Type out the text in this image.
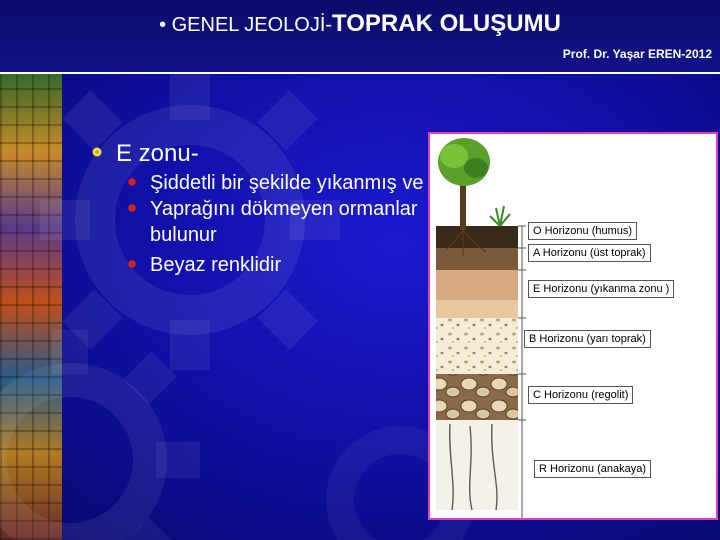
• GENEL JEOLOJİ-TOPRAK OLUŞUMU
Prof. Dr. Yaşar EREN-2012
E zonu-
Şiddetli bir şekilde yıkanmış ve
Yaprağını dökmeyen ormanlar
bulunur
Beyaz renklidir
O Horizonu (humus)
A Horizonu (üst toprak)
E Horizonu (yıkanma zonu )
B Horizonu (yarı toprak)
C Horizonu (regolit)
R Horizonu (anakaya)
